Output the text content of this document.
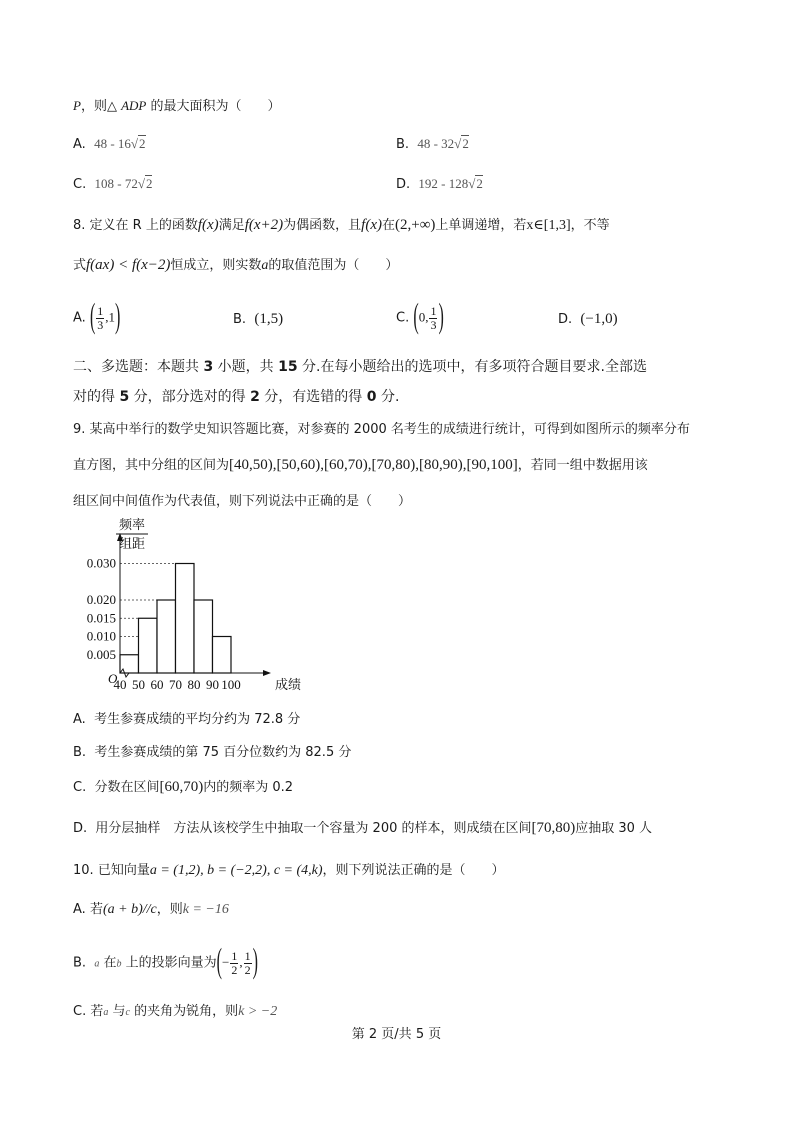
P，则△ ADP 的最大面积为（　　）
A. 48 - 16√2	B. 48 - 32√2
C. 108 - 72√2	D. 192 - 128√2
8. 定义在 R 上的函数f(x)满足f(x+2)为偶函数，且f(x)在(2,+∞)上单调递增，若x∈[1,3]，不等
式f(ax) < f(x−2)恒成立，则实数a的取值范围为（　　）
A. ( $\frac{1}{3} ,1$)	B. (1,5)	C. (0, $\frac{1}{3}$ )	D. (−1,0)
二、多选题：本题共 3 小题，共 15 分.在每小题给出的选项中，有多项符合题目要求.全部选
对的得 5 分，部分选对的得 2 分，有选错的得 0 分.
9. 某高中举行的数学史知识答题比赛，对参赛的 2000 名考生的成绩进行统计，可得到如图所示的频率分布
直方图，其中分组的区间为[40,50),[50,60),[60,70),[70,80),[80,90),[90,100]，若同一组中数据用该
组区间中间值作为代表值，则下列说法中正确的是（　　）
0.005
0.010
0.015
0.020
0.030
40 50 60 70 80 90 100
O	成绩
频率
组距
A. 考生参赛成绩的平均分约为 72.8 分
B. 考生参赛成绩的第 75 百分位数约为 82.5 分
C. 分数在区间[60,70)内的频率为 0.2
D. 用分层抽样　方法从该校学生中抽取一个容量为 200 的样本，则成绩在区间[70,80)应抽取 30 人
10. 已知向量a = (1,2), b = (−2,2), c = (4,k)，则下列说法正确的是（　　）
A. 若(a + b)//c，则k = −16
B. a 在b 上的投影向量为(− $\frac{1}{2}$ , $\frac{1}{2}$ )
C. 若a 与c 的夹角为锐角，则k > −2
第 2 页/共 5 页
